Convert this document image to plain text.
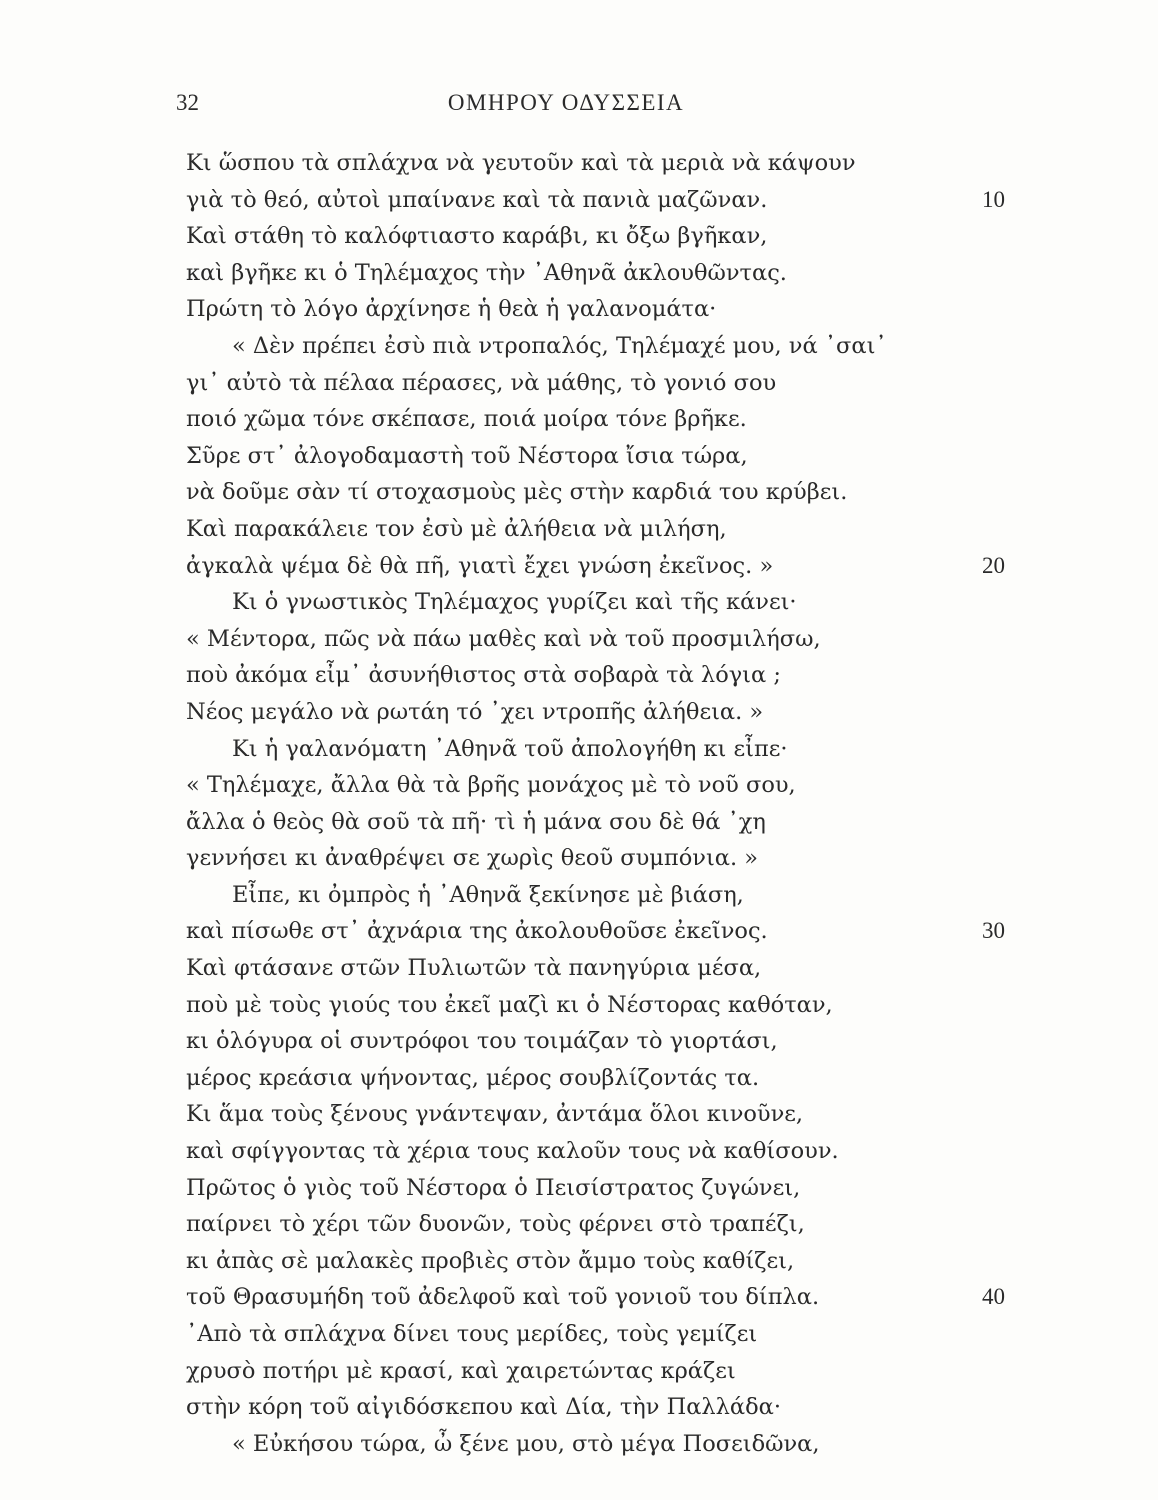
32	ΟΜΗΡΟΥ ΟΔΥΣΣΕΙΑ
Κι ὥσπου τὰ σπλάχνα νὰ γευτοῦν καὶ τὰ μεριὰ νὰ κάψουν
γιὰ τὸ θεό, αὐτοὶ μπαίνανε καὶ τὰ πανιὰ μαζῶναν.	10
Καὶ στάθη τὸ καλόφτιαστο καράβι, κι ὄξω βγῆκαν,
καὶ βγῆκε κι ὁ Τηλέμαχος τὴν ᾿Αθηνᾶ ἀκλουθῶντας.
Πρώτη τὸ λόγο ἀρχίνησε ἡ θεὰ ἡ γαλανομάτα·
« Δὲν πρέπει ἐσὺ πιὰ ντροπαλός, Τηλέμαχέ μου, νά ᾽σαι᾽
γι᾽ αὐτὸ τὰ πέλαα πέρασες, νὰ μάθης, τὸ γονιό σου
ποιό χῶμα τόνε σκέπασε, ποιά μοίρα τόνε βρῆκε.
Σῦρε στ᾽ ἀλογοδαμαστὴ τοῦ Νέστορα ἴσια τώρα,
νὰ δοῦμε σὰν τί στοχασμοὺς μὲς στὴν καρδιά του κρύβει.
Καὶ παρακάλειε τον ἐσὺ μὲ ἀλήθεια νὰ μιλήση,
ἀγκαλὰ ψέμα δὲ θὰ πῆ, γιατὶ ἔχει γνώση ἐκεῖνος. »	20
Κι ὁ γνωστικὸς Τηλέμαχος γυρίζει καὶ τῆς κάνει·
« Μέντορα, πῶς νὰ πάω μαθὲς καὶ νὰ τοῦ προσμιλήσω,
ποὺ ἀκόμα εἶμ᾽ ἀσυνήθιστος στὰ σοβαρὰ τὰ λόγια ;
Νέος μεγάλο νὰ ρωτάη τό ᾽χει ντροπῆς ἀλήθεια. »
Κι ἡ γαλανόματη ᾿Αθηνᾶ τοῦ ἀπολογήθη κι εἶπε·
« Τηλέμαχε, ἄλλα θὰ τὰ βρῆς μονάχος μὲ τὸ νοῦ σου,
ἄλλα ὁ θεὸς θὰ σοῦ τὰ πῆ· τὶ ἡ μάνα σου δὲ θά ᾽χη
γεννήσει κι ἀναθρέψει σε χωρὶς θεοῦ συμπόνια. »
Εἶπε, κι ὀμπρὸς ἡ ᾿Αθηνᾶ ξεκίνησε μὲ βιάση,
καὶ πίσωθε στ᾽ ἀχνάρια της ἀκολουθοῦσε ἐκεῖνος.	30
Καὶ φτάσανε στῶν Πυλιωτῶν τὰ πανηγύρια μέσα,
ποὺ μὲ τοὺς γιούς του ἐκεῖ μαζὶ κι ὁ Νέστορας καθόταν,
κι ὁλόγυρα οἱ συντρόφοι του τοιμάζαν τὸ γιορτάσι,
μέρος κρεάσια ψήνοντας, μέρος σουβλίζοντάς τα.
Κι ἅμα τοὺς ξένους γνάντεψαν, ἀντάμα ὅλοι κινοῦνε,
καὶ σφίγγοντας τὰ χέρια τους καλοῦν τους νὰ καθίσουν.
Πρῶτος ὁ γιὸς τοῦ Νέστορα ὁ Πεισίστρατος ζυγώνει,
παίρνει τὸ χέρι τῶν δυονῶν, τοὺς φέρνει στὸ τραπέζι,
κι ἀπὰς σὲ μαλακὲς προβιὲς στὸν ἄμμο τοὺς καθίζει,
τοῦ Θρασυμήδη τοῦ ἀδελφοῦ καὶ τοῦ γονιοῦ του δίπλα.	40
᾿Απὸ τὰ σπλάχνα δίνει τους μερίδες, τοὺς γεμίζει
χρυσὸ ποτήρι μὲ κρασί, καὶ χαιρετώντας κράζει
στὴν κόρη τοῦ αἰγιδόσκεπου καὶ Δία, τὴν Παλλάδα·
« Εὐκήσου τώρα, ὦ ξένε μου, στὸ μέγα Ποσειδῶνα,
